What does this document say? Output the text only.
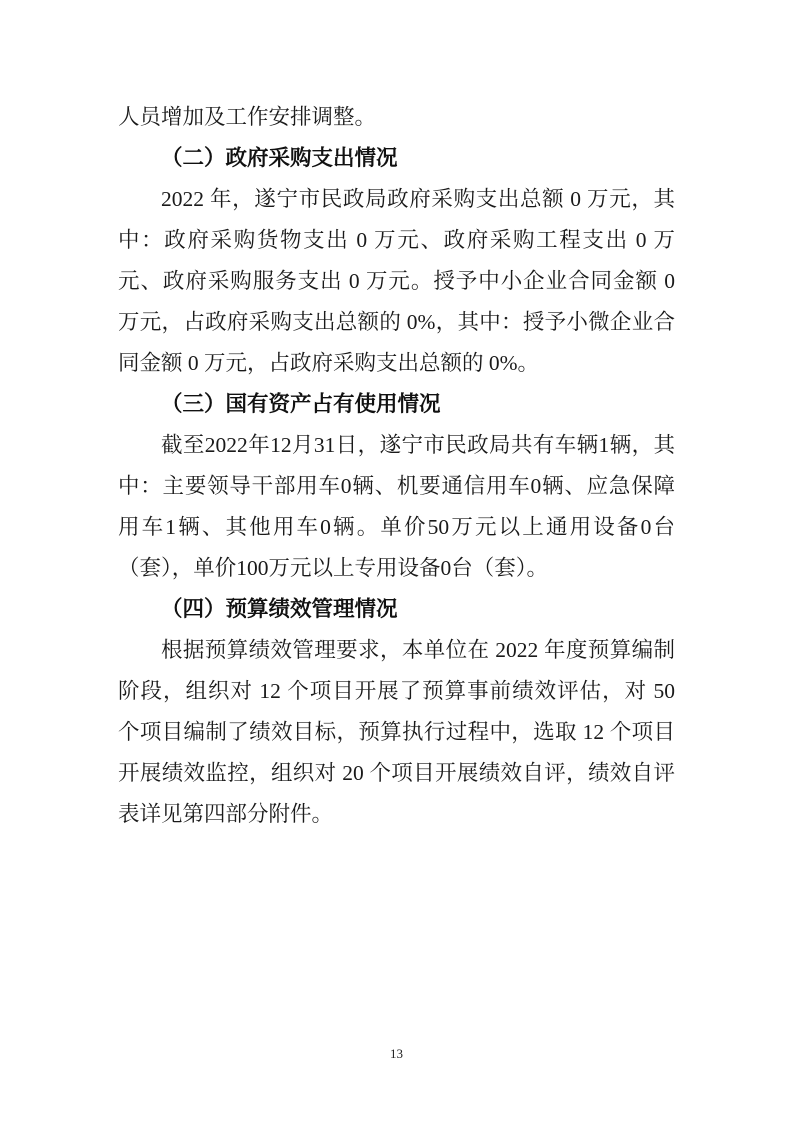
人员增加及工作安排调整。

（二）政府采购支出情况

2022 年，遂宁市民政局政府采购支出总额 0 万元，其中：政府采购货物支出 0 万元、政府采购工程支出 0 万元、政府采购服务支出 0 万元。授予中小企业合同金额 0 万元，占政府采购支出总额的 0%，其中：授予小微企业合同金额 0 万元，占政府采购支出总额的 0%。

（三）国有资产占有使用情况

截至2022年12月31日，遂宁市民政局共有车辆1辆，其中：主要领导干部用车0辆、机要通信用车0辆、应急保障用车1辆、其他用车0辆。单价50万元以上通用设备0台（套），单价100万元以上专用设备0台（套）。

（四）预算绩效管理情况

根据预算绩效管理要求，本单位在 2022 年度预算编制阶段，组织对 12 个项目开展了预算事前绩效评估，对 50 个项目编制了绩效目标，预算执行过程中，选取 12 个项目开展绩效监控，组织对 20 个项目开展绩效自评，绩效自评表详见第四部分附件。

13
